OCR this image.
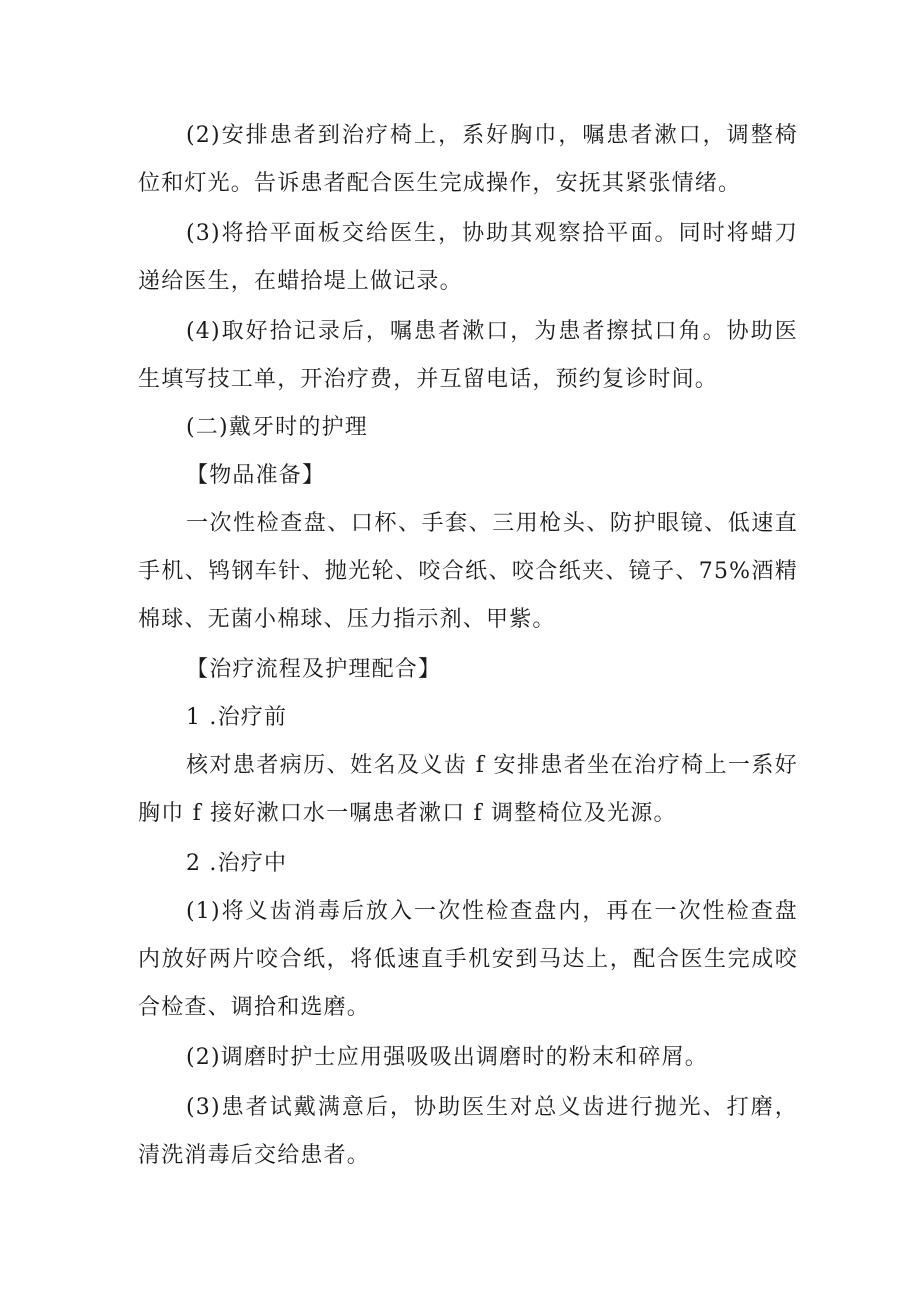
(2)安排患者到治疗椅上，系好胸巾，嘱患者漱口，调整椅位和灯光。告诉患者配合医生完成操作，安抚其紧张情绪。

(3)将拾平面板交给医生，协助其观察拾平面。同时将蜡刀递给医生，在蜡拾堤上做记录。

(4)取好拾记录后，嘱患者漱口，为患者擦拭口角。协助医生填写技工单，开治疗费，并互留电话，预约复诊时间。

(二)戴牙时的护理

【物品准备】

一次性检查盘、口杯、手套、三用枪头、防护眼镜、低速直手机、鸨钢车针、抛光轮、咬合纸、咬合纸夹、镜子、75%酒精棉球、无菌小棉球、压力指示剂、甲紫。

【治疗流程及护理配合】

1 .治疗前

核对患者病历、姓名及义齿 f 安排患者坐在治疗椅上一系好胸巾 f 接好漱口水一嘱患者漱口 f 调整椅位及光源。

2 .治疗中

(1)将义齿消毒后放入一次性检查盘内，再在一次性检查盘内放好两片咬合纸，将低速直手机安到马达上，配合医生完成咬合检查、调拾和选磨。

(2)调磨时护士应用强吸吸出调磨时的粉末和碎屑。

(3)患者试戴满意后，协助医生对总义齿进行抛光、打磨，清洗消毒后交给患者。
